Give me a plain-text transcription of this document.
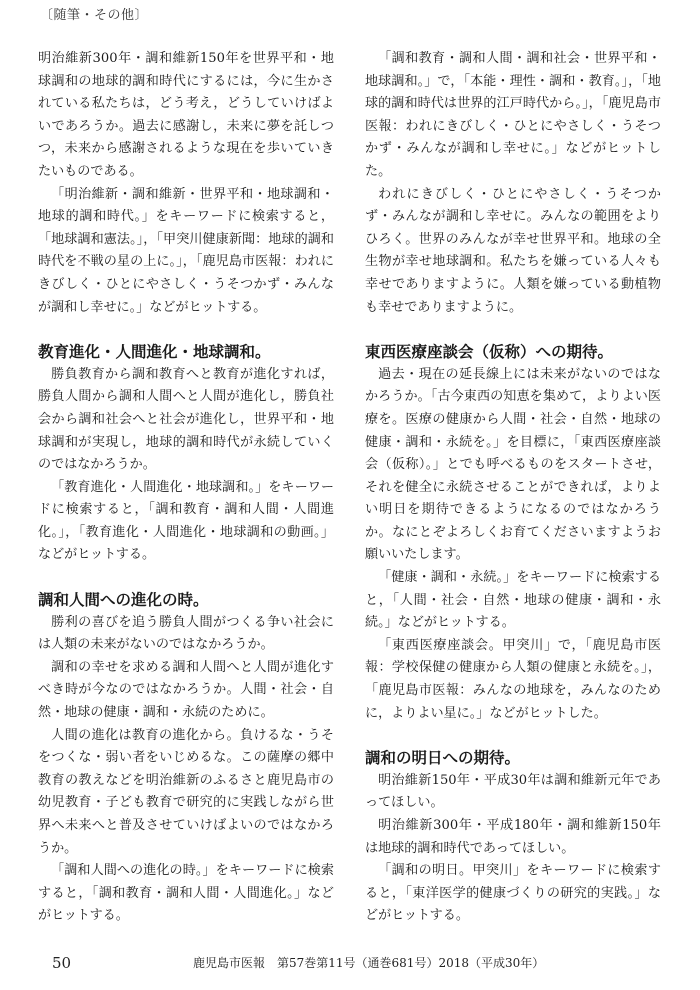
〔随筆・その他〕

明治維新300年・調和維新150年を世界平和・地球調和の地球的調和時代にするには，今に生かされている私たちは，どう考え，どうしていけばよいであろうか。過去に感謝し，未来に夢を託しつつ，未来から感謝されるような現在を歩いていきたいものである。

「明治維新・調和維新・世界平和・地球調和・地球的調和時代。」をキーワードに検索すると，「地球調和憲法。」，「甲突川健康新聞：地球的調和時代を不戦の星の上に。」，「鹿児島市医報：われにきびしく・ひとにやさしく・うそつかず・みんなが調和し幸せに。」などがヒットする。

教育進化・人間進化・地球調和。

勝負教育から調和教育へと教育が進化すれば，勝負人間から調和人間へと人間が進化し，勝負社会から調和社会へと社会が進化し，世界平和・地球調和が実現し，地球的調和時代が永続していくのではなかろうか。

「教育進化・人間進化・地球調和。」をキーワードに検索すると，「調和教育・調和人間・人間進化。」，「教育進化・人間進化・地球調和の動画。」などがヒットする。

調和人間への進化の時。

勝利の喜びを追う勝負人間がつくる争い社会には人類の未来がないのではなかろうか。

調和の幸せを求める調和人間へと人間が進化すべき時が今なのではなかろうか。人間・社会・自然・地球の健康・調和・永続のために。

人間の進化は教育の進化から。負けるな・うそをつくな・弱い者をいじめるな。この薩摩の郷中教育の教えなどを明治維新のふるさと鹿児島市の幼児教育・子ども教育で研究的に実践しながら世界へ未来へと普及させていけばよいのではなかろうか。

「調和人間への進化の時。」をキーワードに検索すると，「調和教育・調和人間・人間進化。」などがヒットする。

「調和教育・調和人間・調和社会・世界平和・地球調和。」で，「本能・理性・調和・教育。」，「地球的調和時代は世界的江戸時代から。」，「鹿児島市医報：われにきびしく・ひとにやさしく・うそつかず・みんなが調和し幸せに。」などがヒットした。

われにきびしく・ひとにやさしく・うそつかず・みんなが調和し幸せに。みんなの範囲をよりひろく。世界のみんなが幸せ世界平和。地球の全生物が幸せ地球調和。私たちを嫌っている人々も幸せでありますように。人類を嫌っている動植物も幸せでありますように。

東西医療座談会（仮称）への期待。

過去・現在の延長線上には未来がないのではなかろうか。「古今東西の知恵を集めて，よりよい医療を。医療の健康から人間・社会・自然・地球の健康・調和・永続を。」を目標に，「東西医療座談会（仮称）。」とでも呼べるものをスタートさせ，それを健全に永続させることができれば，よりよい明日を期待できるようになるのではなかろうか。なにとぞよろしくお育てくださいますようお願いいたします。

「健康・調和・永続。」をキーワードに検索すると，「人間・社会・自然・地球の健康・調和・永続。」などがヒットする。

「東西医療座談会。甲突川」で，「鹿児島市医報：学校保健の健康から人類の健康と永続を。」，「鹿児島市医報：みんなの地球を，みんなのために，よりよい星に。」などがヒットした。

調和の明日への期待。

明治維新150年・平成30年は調和維新元年であってほしい。

明治維新300年・平成180年・調和維新150年は地球的調和時代であってほしい。

「調和の明日。甲突川」をキーワードに検索すると，「東洋医学的健康づくりの研究的実践。」などがヒットする。

50	鹿児島市医報　第57巻第11号（通巻681号）2018（平成30年）
